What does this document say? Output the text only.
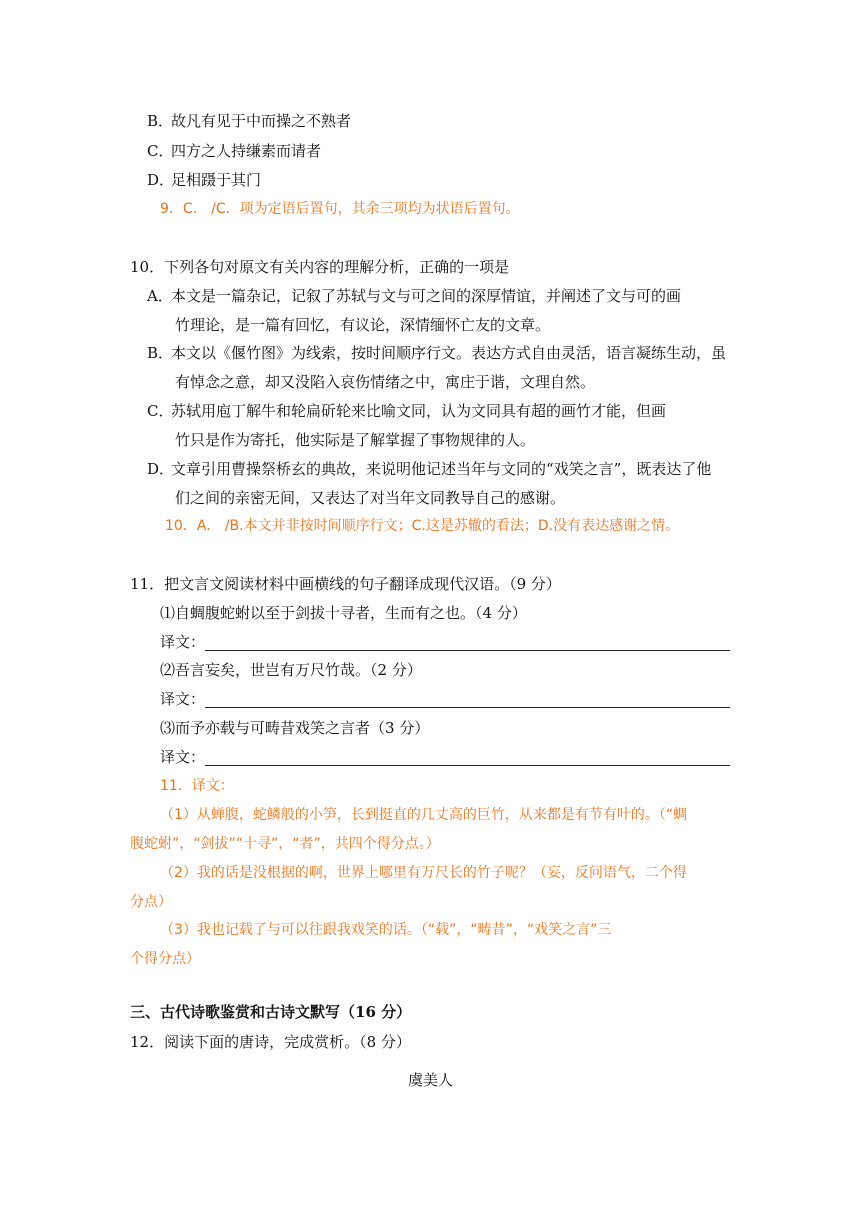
B．故凡有见于中而操之不熟者
C．四方之人持缣素而请者
D．足相蹑于其门
9．C． /C．项为定语后置句，其余三项均为状语后置句。
10．下列各句对原文有关内容的理解分析，正确的一项是
A．本文是一篇杂记，记叙了苏轼与文与可之间的深厚情谊，并阐述了文与可的画
竹理论，是一篇有回忆，有议论，深情缅怀亡友的文章。
B．本文以《偃竹图》为线索，按时间顺序行文。表达方式自由灵活，语言凝练生动，虽
有悼念之意，却又没陷入哀伤情绪之中，寓庄于谐，文理自然。
C．苏轼用庖丁解牛和轮扁斫轮来比喻文同，认为文同具有超的画竹才能，但画
竹只是作为寄托，他实际是了解掌握了事物规律的人。
D．文章引用曹操祭桥玄的典故，来说明他记述当年与文同的“戏笑之言”，既表达了他
们之间的亲密无间，又表达了对当年文同教导自己的感谢。
10．A． /B.本文并非按时间顺序行文；C.这是苏辙的看法；D.没有表达感谢之情。
11．把文言文阅读材料中画横线的句子翻译成现代汉语。（9 分）
⑴自蜩腹蛇蚹以至于剑拔十寻者，生而有之也。（4 分）
译文：
⑵吾言妄矣，世岂有万尺竹哉。（2 分）
译文：
⑶而予亦载与可畴昔戏笑之言者（3 分）
译文：
11．译文：
（1）从蝉腹，蛇鳞般的小笋，长到挺直的几丈高的巨竹，从来都是有节有叶的。（“蜩
腹蛇蚹”，“剑拔”“十寻”，“者”，共四个得分点。）
（2）我的话是没根据的啊，世界上哪里有万尺长的竹子呢？（妄，反问语气，二个得
分点）
（3）我也记载了与可以往跟我戏笑的话。（“载”，“畴昔”，“戏笑之言”三
个得分点）
三、古代诗歌鉴赏和古诗文默写（16 分）
12．阅读下面的唐诗，完成赏析。（8 分）
虞美人
